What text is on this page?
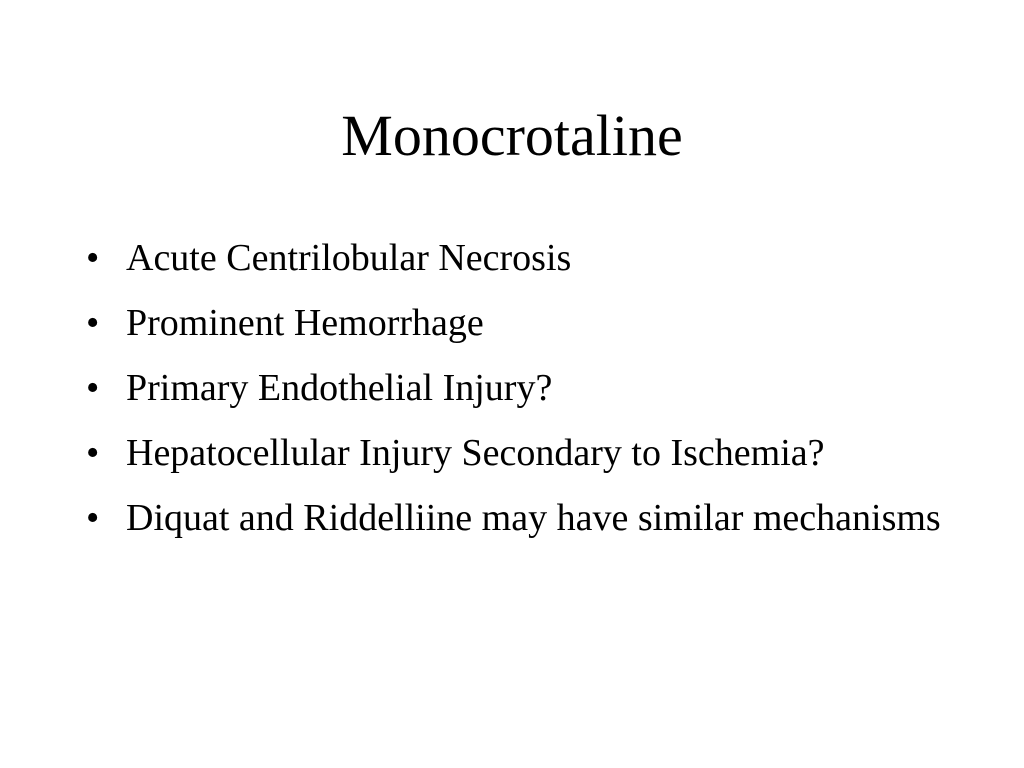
Monocrotaline
• Acute Centrilobular Necrosis
• Prominent Hemorrhage
• Primary Endothelial Injury?
• Hepatocellular Injury Secondary to Ischemia?
• Diquat and Riddelliine may have similar mechanisms
